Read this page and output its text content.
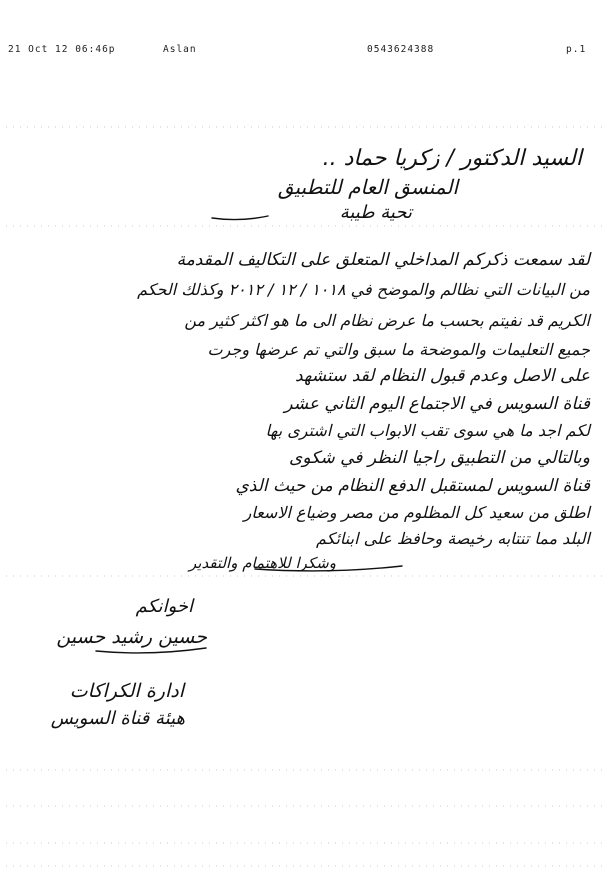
21 Oct 12 06:46p	Aslan	0543624388	p.1
السيد الدكتور / زكريا حماد ..
المنسق العام للتطبيق
تحية طيبة
لقد سمعت ذكركم المداخلي المتعلق على التكاليف المقدمة
من البيانات التي نظالم والموضح في ١٠١٨ / ١٢ / ٢٠١٢ وكذلك الحكم
الكريم قد نفيتم بحسب ما عرض نظام الى ما هو اكثر كثير من
جميع التعليمات والموضحة ما سبق والتي تم عرضها وجرت
على الاصل وعدم قبول النظام لقد ستشهد
قناة السويس في الاجتماع اليوم الثاني عشر
لكم اجد ما هي سوى تقب الابواب التي اشترى بها
وبالتالي من التطبيق راجيا النظر في شكوى
قناة السويس لمستقبل الدفع النظام من حيث الذي
اطلق من سعيد كل المظلوم من مصر وضياع الاسعار
البلد مما تنتابه رخيصة وحافظ على ابنائكم
وشكرا للاهتمام والتقدير
اخوانكم
حسين رشيد حسين
ادارة الكراكات
هيئة قناة السويس
